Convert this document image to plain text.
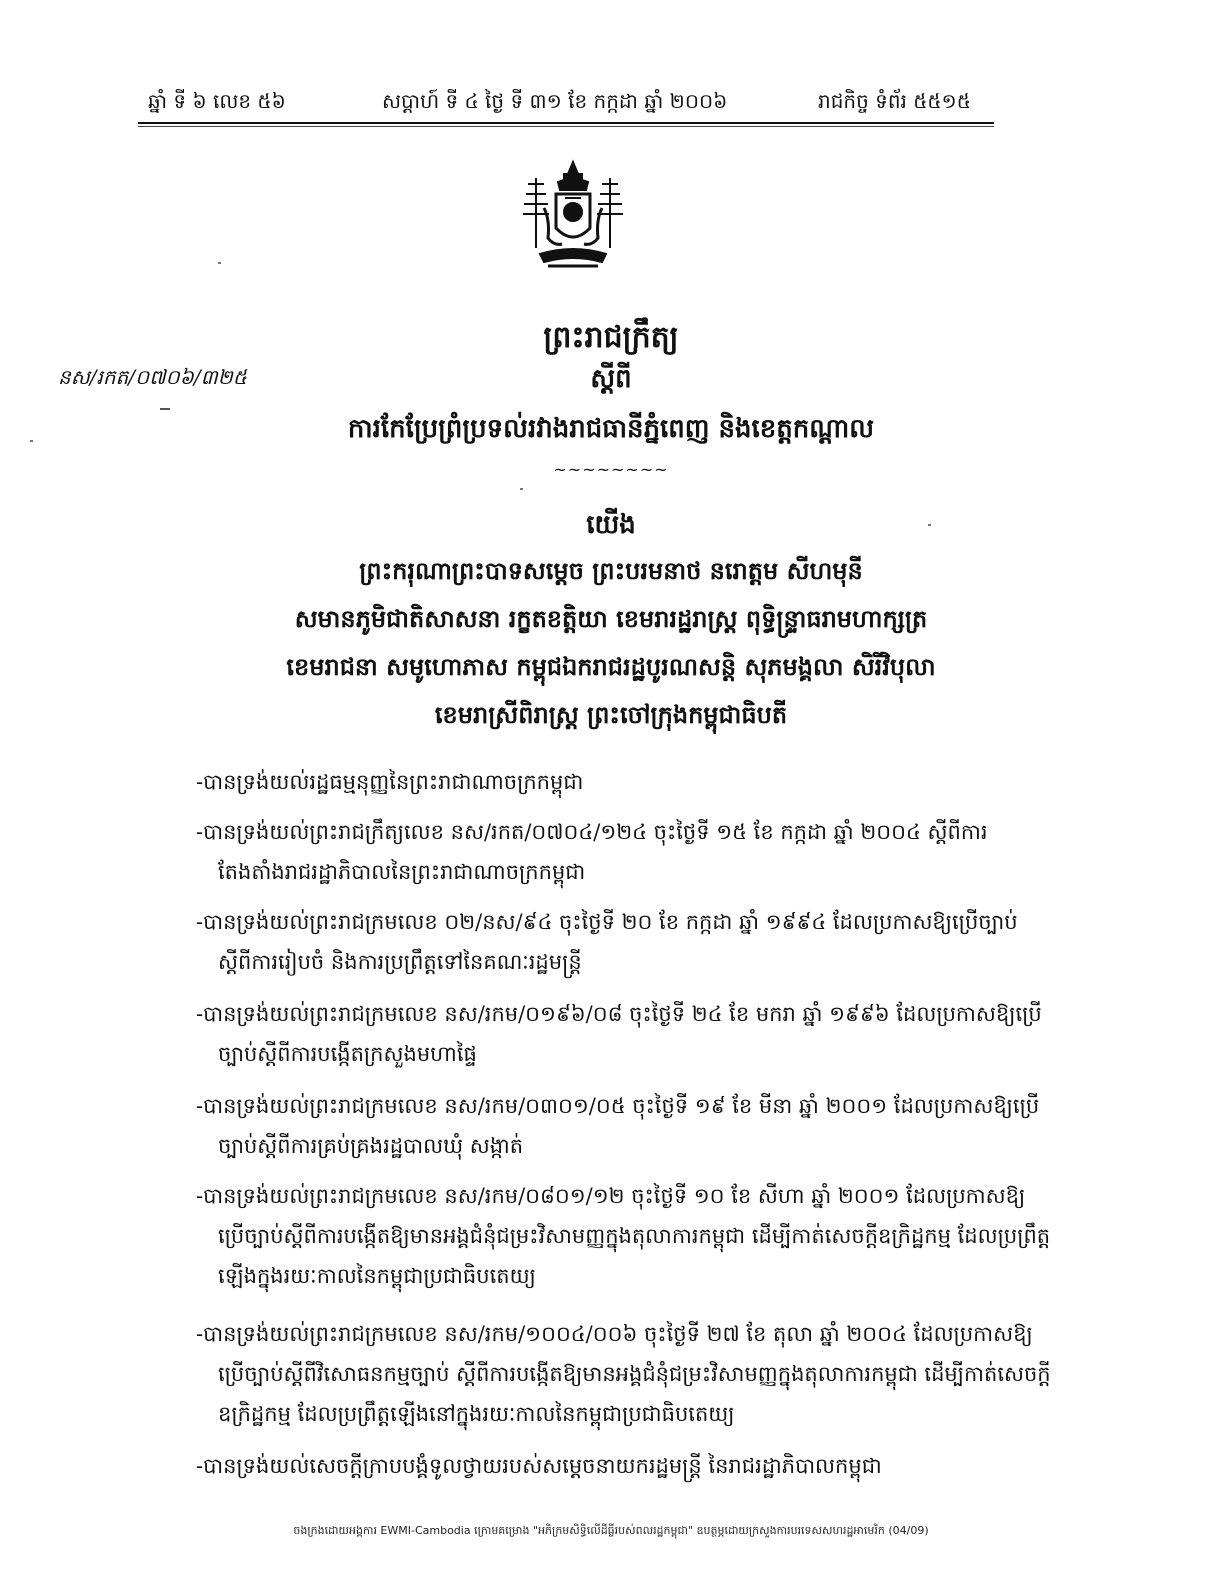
ឆ្នាំ ទី ៦ លេខ ៥៦	សប្តាហ៍ ទី ៤ ថ្ងៃ ទី ៣១ ខែ កក្កដា ឆ្នាំ ២០០៦	រាជកិច្ច ទំព័រ ៥៥១៥
នស/រកត/០៧០៦/៣២៥
ព្រះរាជក្រឹត្យ
ស្ដីពី
ការកែប្រែព្រំប្រទល់រវាងរាជធានីភ្នំពេញ និងខេត្តកណ្ដាល
~~~~~~~~
យើង
ព្រះករុណាព្រះបាទសម្ដេច ព្រះបរមនាថ នរោត្តម សីហមុនី
សមានភូមិជាតិសាសនា រក្ខតខត្តិយា ខេមរារដ្ឋរាស្ត្រ ពុទ្ធិន្ទ្រាធរាមហាក្សត្រ
ខេមរាជនា សមូហោភាស កម្ពុជឯករាជរដ្ឋបូរណសន្តិ សុភមង្គលា សិរីវិបុលា
ខេមរាស្រីពិរាស្ត្រ ព្រះចៅក្រុងកម្ពុជាធិបតី
-បានទ្រង់យល់រដ្ឋធម្មនុញ្ញនៃព្រះរាជាណាចក្រកម្ពុជា
-បានទ្រង់យល់ព្រះរាជក្រឹត្យលេខ នស/រកត/០៧០៤/១២៤ ចុះថ្ងៃទី ១៥ ខែ កក្កដា ឆ្នាំ ២០០៤ ស្ដីពីការ
តែងតាំងរាជរដ្ឋាភិបាលនៃព្រះរាជាណាចក្រកម្ពុជា
-បានទ្រង់យល់ព្រះរាជក្រមលេខ ០២/នស/៩៤ ចុះថ្ងៃទី ២០ ខែ កក្កដា ឆ្នាំ ១៩៩៤ ដែលប្រកាសឱ្យប្រើច្បាប់
ស្ដីពីការរៀបចំ និងការប្រព្រឹត្តទៅនៃគណៈរដ្ឋមន្ត្រី
-បានទ្រង់យល់ព្រះរាជក្រមលេខ នស/រកម/០១៩៦/០៨ ចុះថ្ងៃទី ២៤ ខែ មករា ឆ្នាំ ១៩៩៦ ដែលប្រកាសឱ្យប្រើ
ច្បាប់ស្ដីពីការបង្កើតក្រសួងមហាផ្ទៃ
-បានទ្រង់យល់ព្រះរាជក្រមលេខ នស/រកម/០៣០១/០៥ ចុះថ្ងៃទី ១៩ ខែ មីនា ឆ្នាំ ២០០១ ដែលប្រកាសឱ្យប្រើ
ច្បាប់ស្ដីពីការគ្រប់គ្រងរដ្ឋបាលឃុំ សង្កាត់
-បានទ្រង់យល់ព្រះរាជក្រមលេខ នស/រកម/០៨០១/១២ ចុះថ្ងៃទី ១០ ខែ សីហា ឆ្នាំ ២០០១ ដែលប្រកាសឱ្យ
ប្រើច្បាប់ស្ដីពីការបង្កើតឱ្យមានអង្គជំនុំជម្រះវិសាមញ្ញក្នុងតុលាការកម្ពុជា ដើម្បីកាត់សេចក្ដីឧក្រិដ្ឋកម្ម ដែលប្រព្រឹត្តឡើងក្នុងរយៈកាលនៃកម្ពុជាប្រជាធិបតេយ្យ
-បានទ្រង់យល់ព្រះរាជក្រមលេខ នស/រកម/១០០៤/០០៦ ចុះថ្ងៃទី ២៧ ខែ តុលា ឆ្នាំ ២០០៤ ដែលប្រកាសឱ្យ
ប្រើច្បាប់ស្ដីពីវិសោធនកម្មច្បាប់ ស្ដីពីការបង្កើតឱ្យមានអង្គជំនុំជម្រះវិសាមញ្ញក្នុងតុលាការកម្ពុជា ដើម្បីកាត់សេចក្ដីឧក្រិដ្ឋកម្ម ដែលប្រព្រឹត្តឡើងនៅក្នុងរយៈកាលនៃកម្ពុជាប្រជាធិបតេយ្យ
-បានទ្រង់យល់សេចក្ដីក្រាបបង្គំទូលថ្វាយរបស់សម្ដេចនាយករដ្ឋមន្ត្រី នៃរាជរដ្ឋាភិបាលកម្ពុជា
ចងក្រងដោយអង្គការ EWMI-Cambodia ក្រោមគម្រោង "អភិក្រមសិទ្ធិលើដីធ្លីរបស់ពលរដ្ឋកម្ពុជា" ឧបត្ថម្ភដោយក្រសួងការបរទេសសហរដ្ឋអាមេរិក (04/09)
